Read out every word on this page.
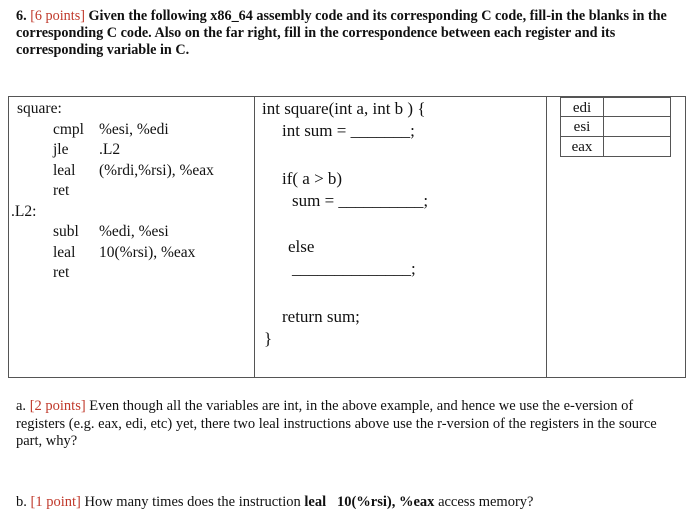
6. [6 points] Given the following x86_64 assembly code and its corresponding C code, fill-in the blanks in the corresponding C code. Also on the far right, fill in the correspondence between each register and its corresponding variable in C.
square:
cmpl %esi, %edi
jle .L2
leal (%rdi,%rsi), %eax
ret
.L2:
subl %edi, %esi
leal 10(%rsi), %eax
ret
int square(int a, int b ) {
int sum = _______;
if( a > b)
sum = __________;
else
______________;
return sum;
}
edi
esi
eax
a. [2 points] Even though all the variables are int, in the above example, and hence we use the e-version of registers (e.g. eax, edi, etc) yet, there two leal instructions above use the r-version of the registers in the source part, why?
b. [1 point] How many times does the instruction leal   10(%rsi), %eax access memory?
